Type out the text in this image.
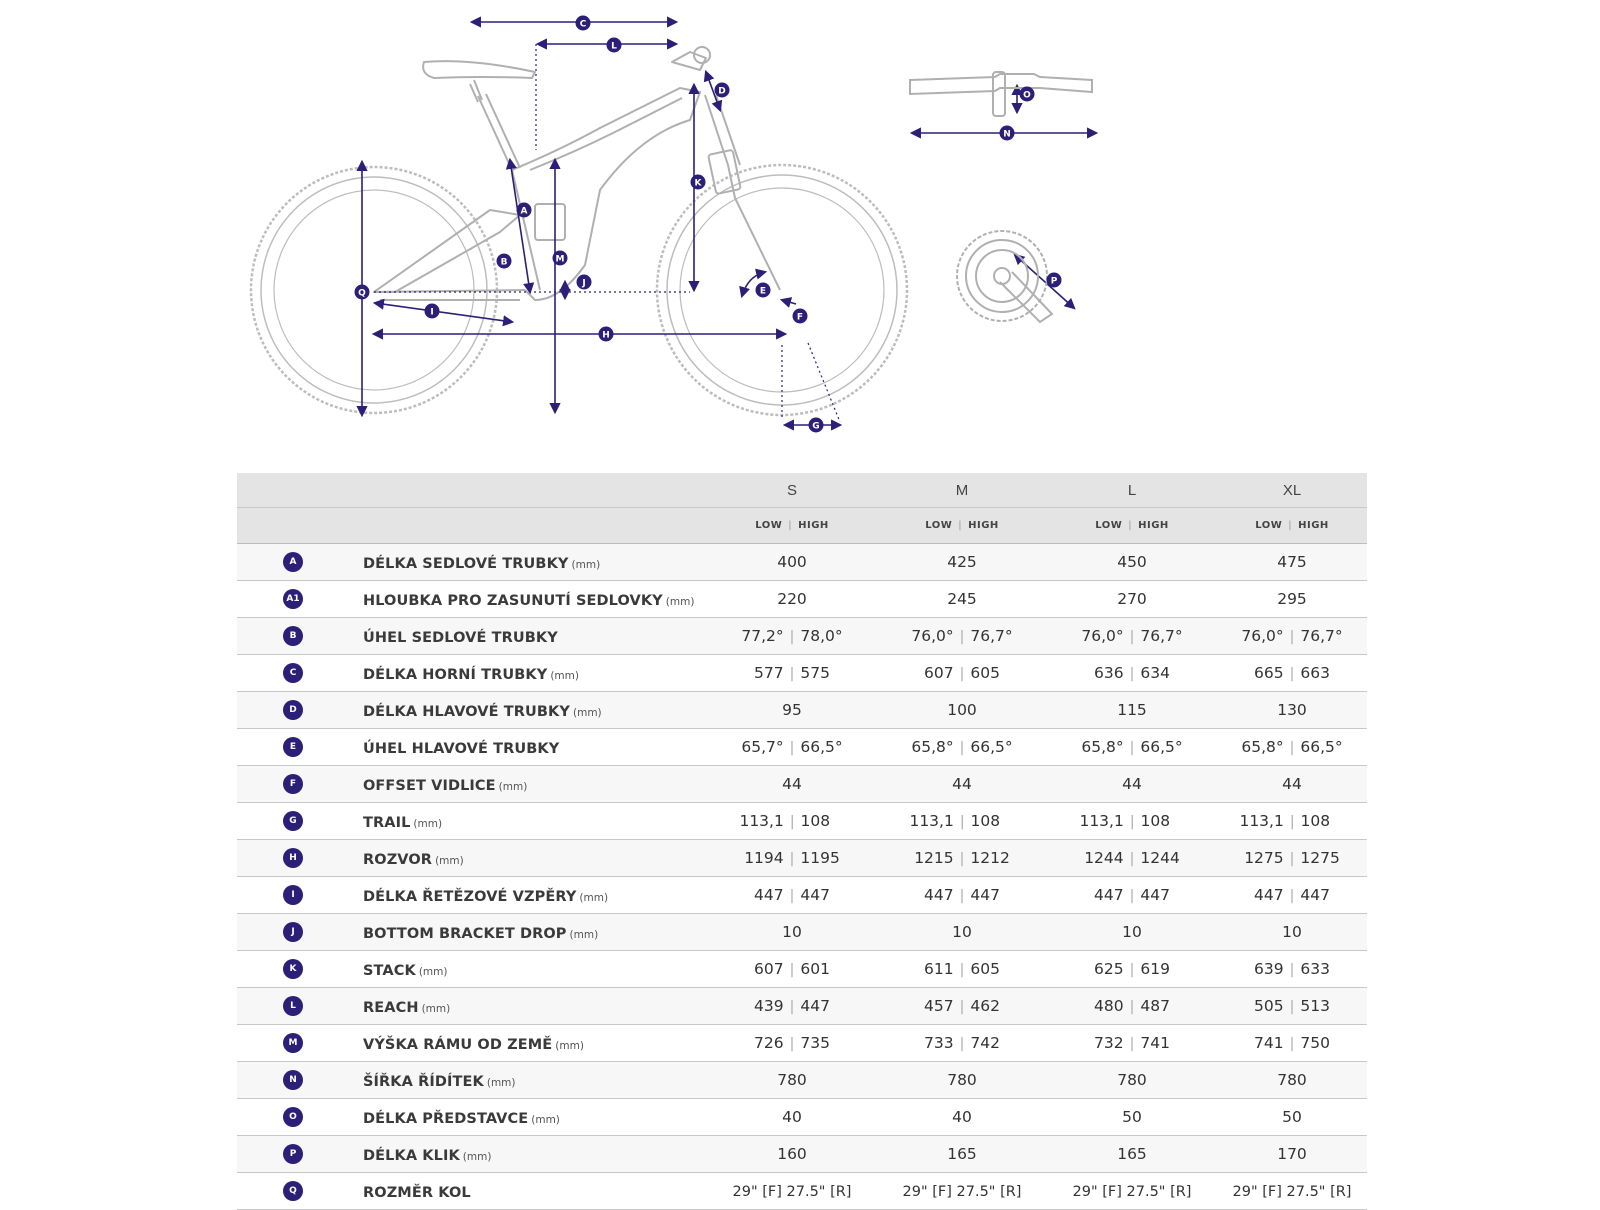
C
L
D	O
N
K
A
B	M
J
Q
I
H
E
F
G
P
		S	M	L	XL
		LOW | HIGH	LOW | HIGH	LOW | HIGH	LOW | HIGH
A	DÉLKA SEDLOVÉ TRUBKY (mm)	400	425	450	475
A1	HLOUBKA PRO ZASUNUTÍ SEDLOVKY (mm)	220	245	270	295
B	ÚHEL SEDLOVÉ TRUBKY	77,2° | 78,0°	76,0° | 76,7°	76,0° | 76,7°	76,0° | 76,7°
C	DÉLKA HORNÍ TRUBKY (mm)	577 | 575	607 | 605	636 | 634	665 | 663
D	DÉLKA HLAVOVÉ TRUBKY (mm)	95	100	115	130
E	ÚHEL HLAVOVÉ TRUBKY	65,7° | 66,5°	65,8° | 66,5°	65,8° | 66,5°	65,8° | 66,5°
F	OFFSET VIDLICE (mm)	44	44	44	44
G	TRAIL (mm)	113,1 | 108	113,1 | 108	113,1 | 108	113,1 | 108
H	ROZVOR (mm)	1194 | 1195	1215 | 1212	1244 | 1244	1275 | 1275
I	DÉLKA ŘETĚZOVÉ VZPĚRY (mm)	447 | 447	447 | 447	447 | 447	447 | 447
J	BOTTOM BRACKET DROP (mm)	10	10	10	10
K	STACK (mm)	607 | 601	611 | 605	625 | 619	639 | 633
L	REACH (mm)	439 | 447	457 | 462	480 | 487	505 | 513
M	VÝŠKA RÁMU OD ZEMĚ (mm)	726 | 735	733 | 742	732 | 741	741 | 750
N	ŠÍŘKA ŘÍDÍTEK (mm)	780	780	780	780
O	DÉLKA PŘEDSTAVCE (mm)	40	40	50	50
P	DÉLKA KLIK (mm)	160	165	165	170
Q	ROZMĚR KOL	29" [F] 27.5" [R]	29" [F] 27.5" [R]	29" [F] 27.5" [R]	29" [F] 27.5" [R]
